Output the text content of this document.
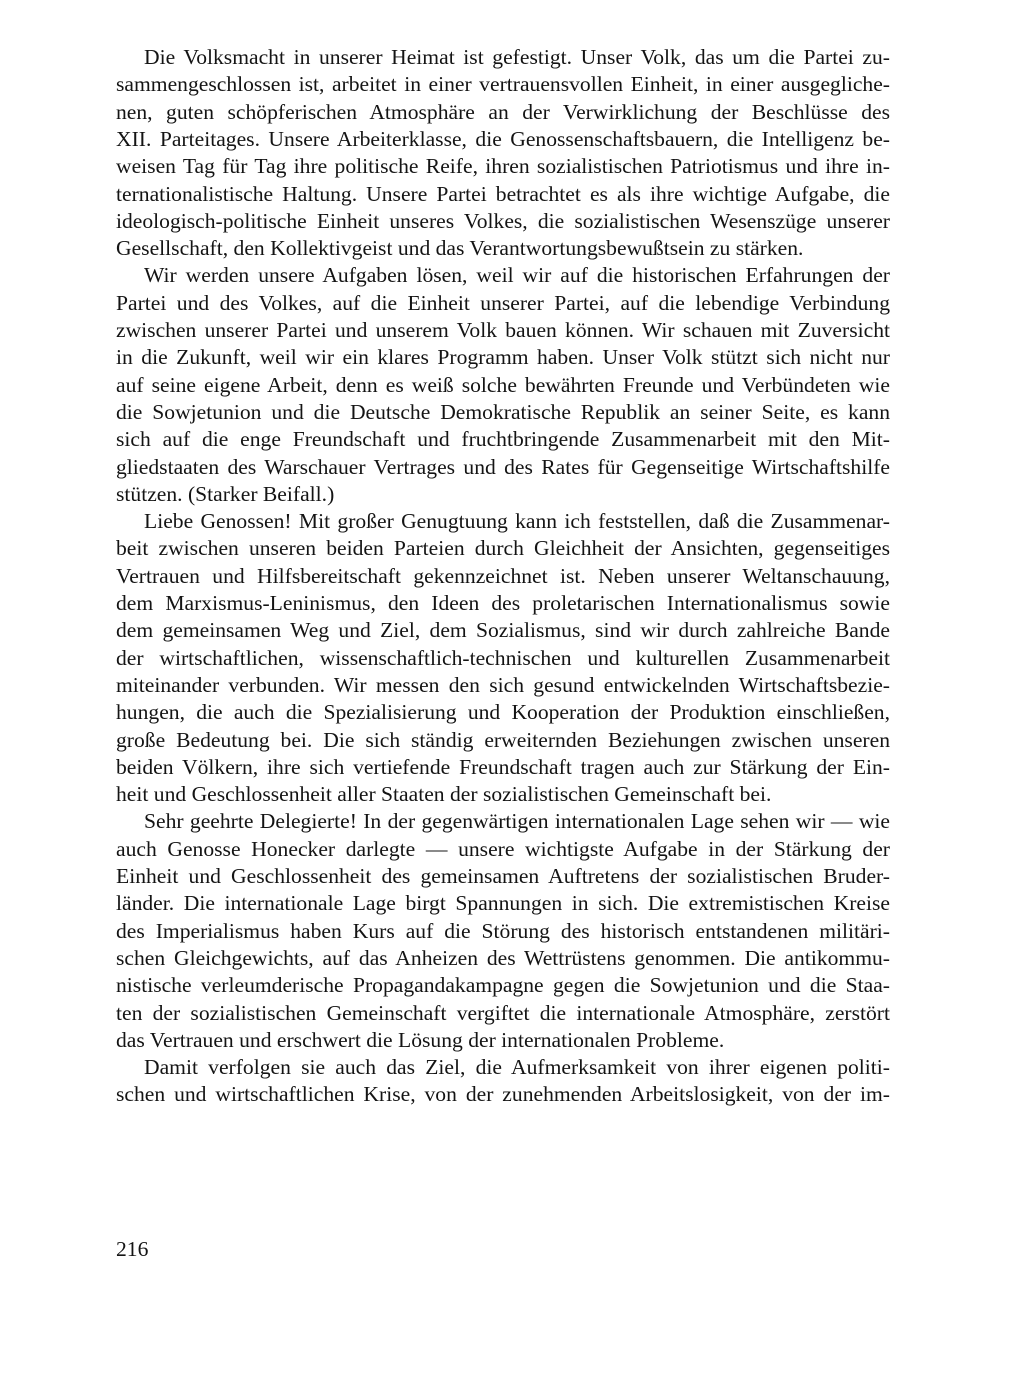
Die Volksmacht in unserer Heimat ist gefestigt. Unser Volk, das um die Partei zu-

sammengeschlossen ist, arbeitet in einer vertrauensvollen Einheit, in einer ausgegliche-

nen, guten schöpferischen Atmosphäre an der Verwirklichung der Beschlüsse des

XII. Parteitages. Unsere Arbeiterklasse, die Genossenschaftsbauern, die Intelligenz be-

weisen Tag für Tag ihre politische Reife, ihren sozialistischen Patriotismus und ihre in-

ternationalistische Haltung. Unsere Partei betrachtet es als ihre wichtige Aufgabe, die

ideologisch-politische Einheit unseres Volkes, die sozialistischen Wesenszüge unserer

Gesellschaft, den Kollektivgeist und das Verantwortungsbewußtsein zu stärken.

Wir werden unsere Aufgaben lösen, weil wir auf die historischen Erfahrungen der

Partei und des Volkes, auf die Einheit unserer Partei, auf die lebendige Verbindung

zwischen unserer Partei und unserem Volk bauen können. Wir schauen mit Zuversicht

in die Zukunft, weil wir ein klares Programm haben. Unser Volk stützt sich nicht nur

auf seine eigene Arbeit, denn es weiß solche bewährten Freunde und Verbündeten wie

die Sowjetunion und die Deutsche Demokratische Republik an seiner Seite, es kann

sich auf die enge Freundschaft und fruchtbringende Zusammenarbeit mit den Mit-

gliedstaaten des Warschauer Vertrages und des Rates für Gegenseitige Wirtschaftshilfe

stützen. (Starker Beifall.)

Liebe Genossen! Mit großer Genugtuung kann ich feststellen, daß die Zusammenar-

beit zwischen unseren beiden Parteien durch Gleichheit der Ansichten, gegenseitiges

Vertrauen und Hilfsbereitschaft gekennzeichnet ist. Neben unserer Weltanschauung,

dem Marxismus-Leninismus, den Ideen des proletarischen Internationalismus sowie

dem gemeinsamen Weg und Ziel, dem Sozialismus, sind wir durch zahlreiche Bande

der wirtschaftlichen, wissenschaftlich-technischen und kulturellen Zusammenarbeit

miteinander verbunden. Wir messen den sich gesund entwickelnden Wirtschaftsbezie-

hungen, die auch die Spezialisierung und Kooperation der Produktion einschließen,

große Bedeutung bei. Die sich ständig erweiternden Beziehungen zwischen unseren

beiden Völkern, ihre sich vertiefende Freundschaft tragen auch zur Stärkung der Ein-

heit und Geschlossenheit aller Staaten der sozialistischen Gemeinschaft bei.

Sehr geehrte Delegierte! In der gegenwärtigen internationalen Lage sehen wir — wie

auch Genosse Honecker darlegte — unsere wichtigste Aufgabe in der Stärkung der

Einheit und Geschlossenheit des gemeinsamen Auftretens der sozialistischen Bruder-

länder. Die internationale Lage birgt Spannungen in sich. Die extremistischen Kreise

des Imperialismus haben Kurs auf die Störung des historisch entstandenen militäri-

schen Gleichgewichts, auf das Anheizen des Wettrüstens genommen. Die antikommu-

nistische verleumderische Propagandakampagne gegen die Sowjetunion und die Staa-

ten der sozialistischen Gemeinschaft vergiftet die internationale Atmosphäre, zerstört

das Vertrauen und erschwert die Lösung der internationalen Probleme.

Damit verfolgen sie auch das Ziel, die Aufmerksamkeit von ihrer eigenen politi-

schen und wirtschaftlichen Krise, von der zunehmenden Arbeitslosigkeit, von der im-

216
